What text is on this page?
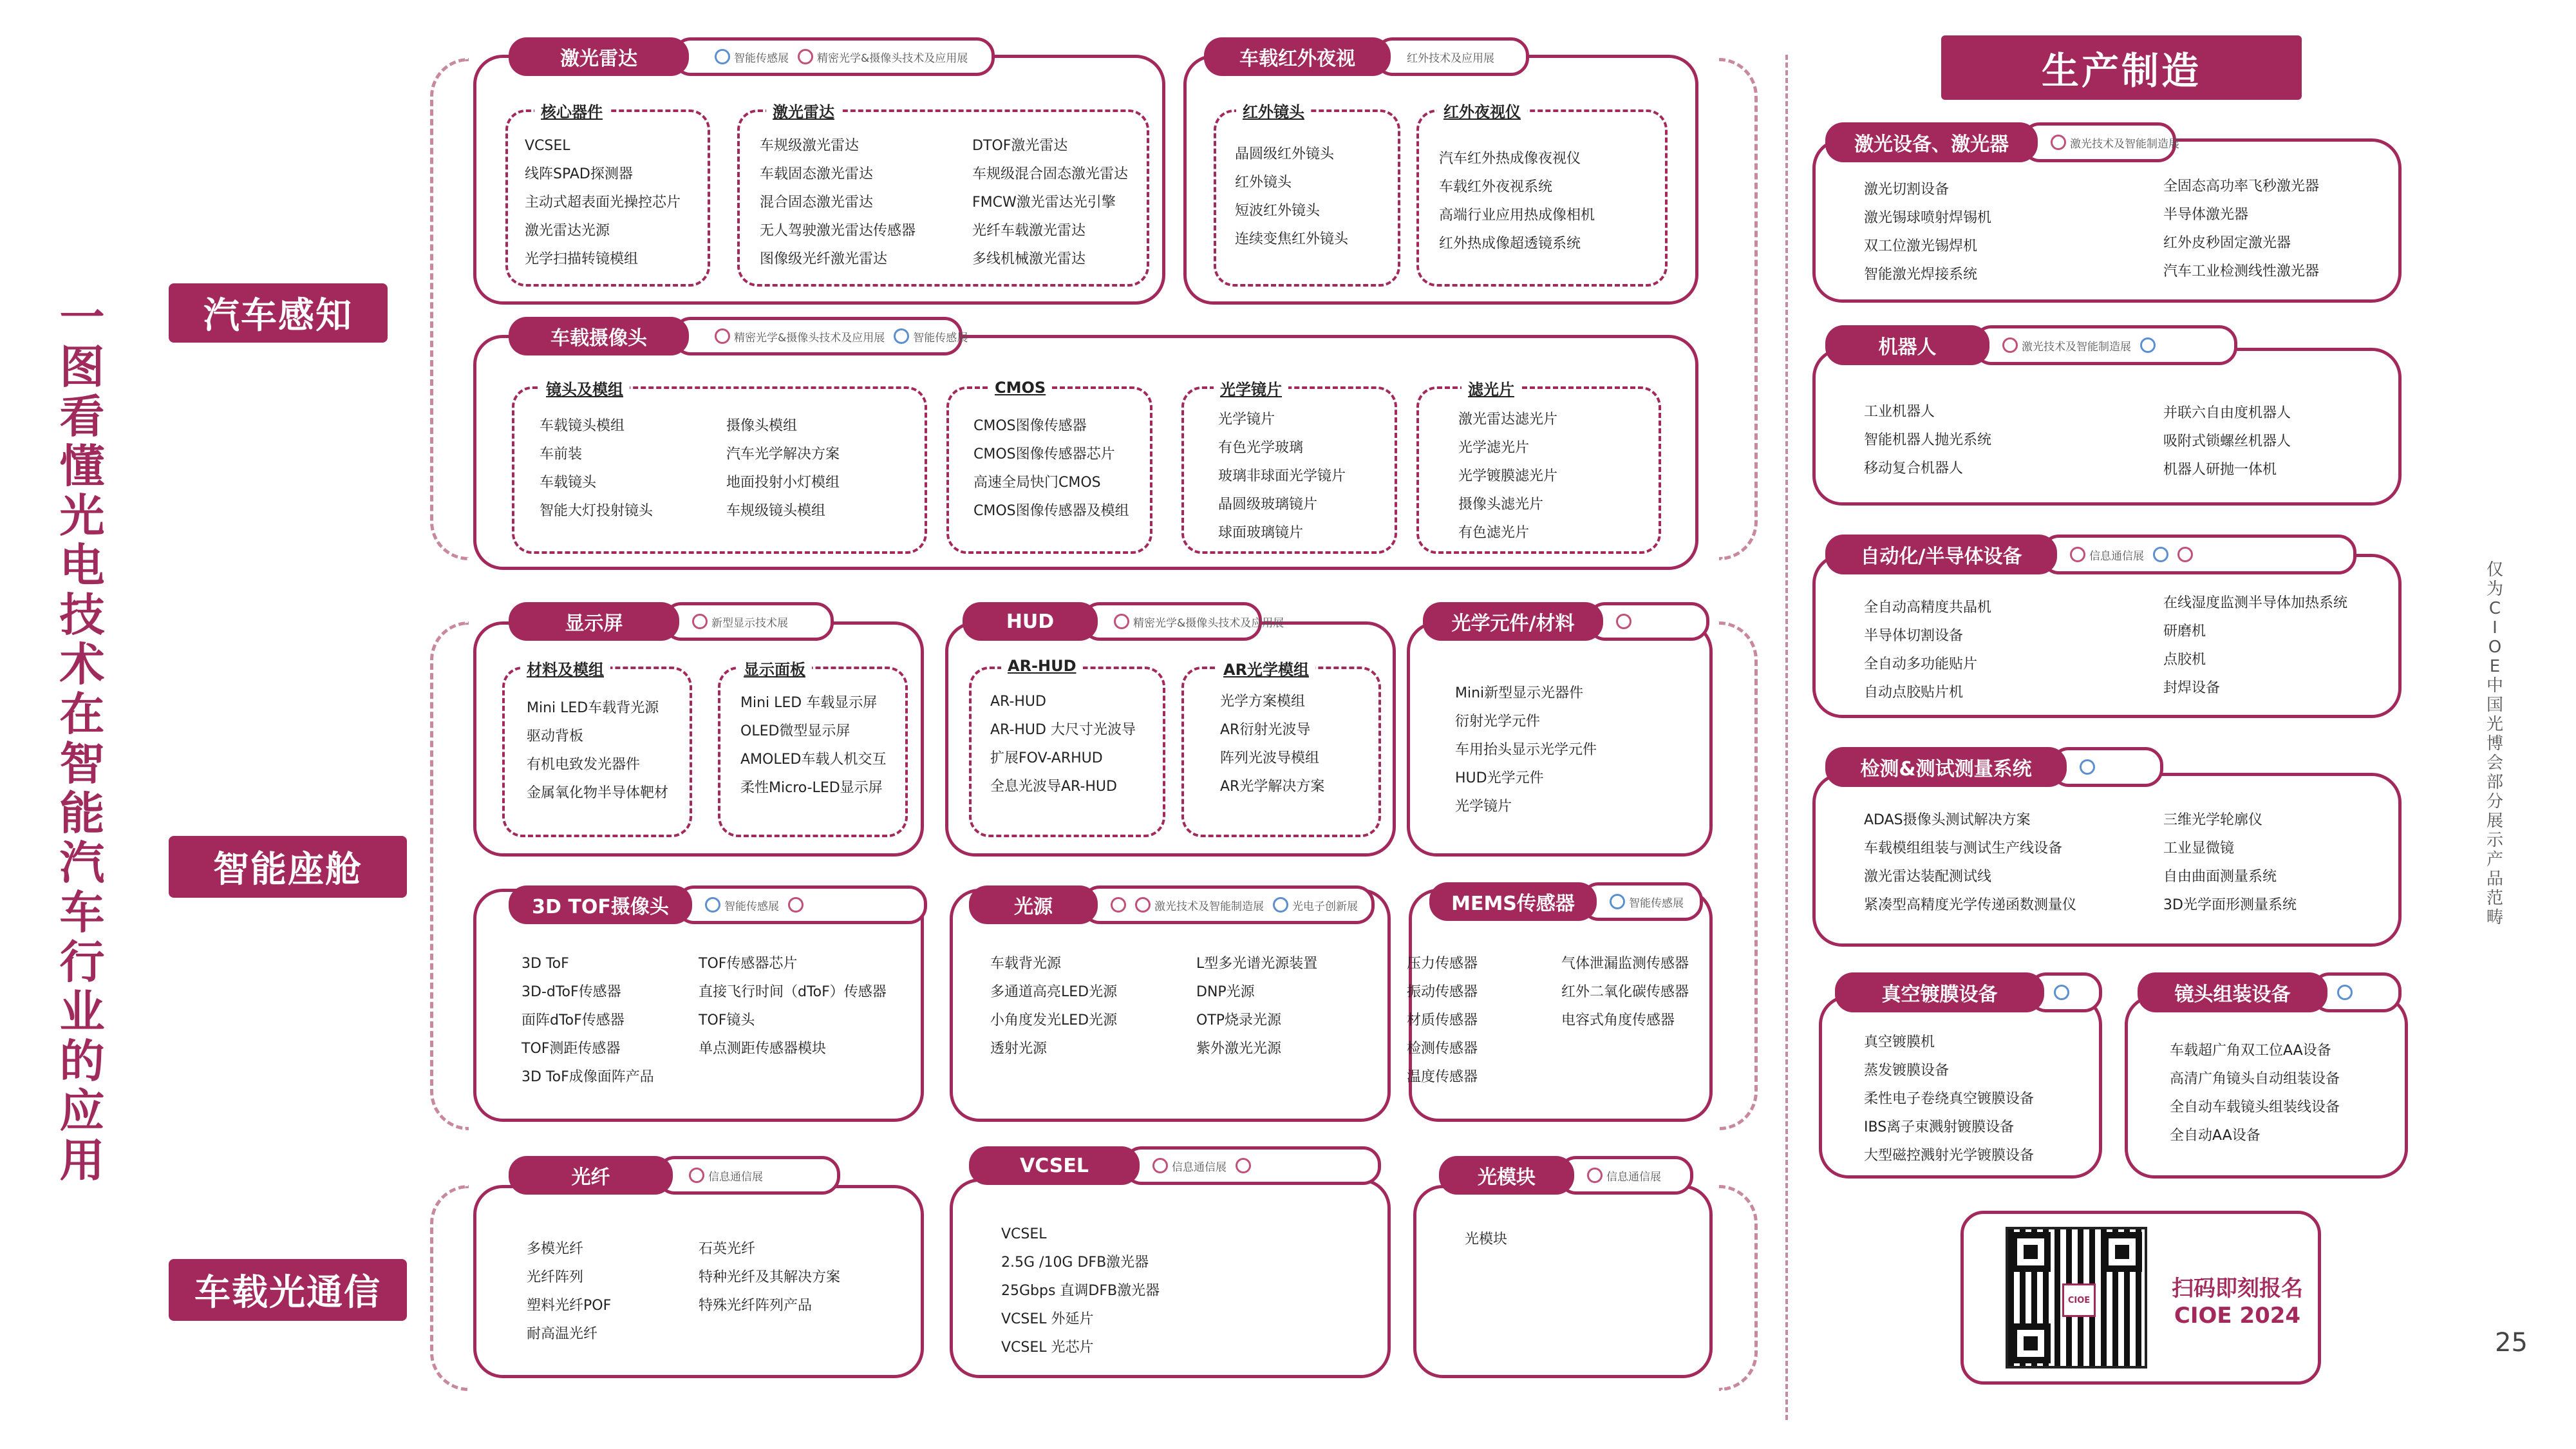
一
图
看
懂
光
电
技
术
在
智
能
汽
车
行
业
的
应
用
汽车感知
智能座舱
车载光通信
激光雷达	智能传感展	精密光学&摄像头技术及应用展
核心器件
VCSEL
线阵SPAD探测器
主动式超表面光操控芯片
激光雷达光源
光学扫描转镜模组
激光雷达
车规级激光雷达
车载固态激光雷达
混合固态激光雷达
无人驾驶激光雷达传感器
图像级光纤激光雷达
DTOF激光雷达
车规级混合固态激光雷达
FMCW激光雷达光引擎
光纤车载激光雷达
多线机械激光雷达
车载红外夜视	红外技术及应用展
红外镜头
晶圆级红外镜头
红外镜头
短波红外镜头
连续变焦红外镜头
红外夜视仪
汽车红外热成像夜视仪
车载红外夜视系统
高端行业应用热成像相机
红外热成像超透镜系统
车载摄像头	精密光学&摄像头技术及应用展	智能传感展
镜头及模组
车载镜头模组
车前装
车载镜头
智能大灯投射镜头
摄像头模组
汽车光学解决方案
地面投射小灯模组
车规级镜头模组
CMOS
CMOS图像传感器
CMOS图像传感器芯片
高速全局快门CMOS
CMOS图像传感器及模组
光学镜片
光学镜片
有色光学玻璃
玻璃非球面光学镜片
晶圆级玻璃镜片
球面玻璃镜片
滤光片
激光雷达滤光片
光学滤光片
光学镀膜滤光片
摄像头滤光片
有色滤光片
显示屏	新型显示技术展
材料及模组
Mini LED车载背光源
驱动背板
有机电致发光器件
金属氧化物半导体靶材
显示面板
Mini LED 车载显示屏
OLED微型显示屏
AMOLED车载人机交互
柔性Micro-LED显示屏
HUD	精密光学&摄像头技术及应用展
AR-HUD
AR-HUD
AR-HUD 大尺寸光波导
扩展FOV-ARHUD
全息光波导AR-HUD
AR光学模组
光学方案模组
AR衍射光波导
阵列光波导模组
AR光学解决方案
光学元件/材料
Mini新型显示光器件
衍射光学元件
车用抬头显示光学元件
HUD光学元件
光学镜片
3D TOF摄像头	智能传感展
3D ToF
3D-dToF传感器
面阵dToF传感器
TOF测距传感器
3D ToF成像面阵产品
TOF传感器芯片
直接飞行时间（dToF）传感器
TOF镜头
单点测距传感器模块
光源	激光技术及智能制造展	光电子创新展
车载背光源
多通道高亮LED光源
小角度发光LED光源
透射光源
L型多光谱光源装置
DNP光源
OTP烧录光源
紫外激光光源
MEMS传感器	智能传感展
压力传感器
振动传感器
材质传感器
检测传感器
温度传感器
气体泄漏监测传感器
红外二氧化碳传感器
电容式角度传感器
光纤	信息通信展
多模光纤
光纤阵列
塑料光纤POF
耐高温光纤
石英光纤
特种光纤及其解决方案
特殊光纤阵列产品
VCSEL	信息通信展
VCSEL
2.5G /10G DFB激光器
25Gbps 直调DFB激光器
VCSEL 外延片
VCSEL 光芯片
光模块	信息通信展
光模块
生产制造
激光设备、激光器	激光技术及智能制造展
激光切割设备
激光锡球喷射焊锡机
双工位激光锡焊机
智能激光焊接系统
全固态高功率飞秒激光器
半导体激光器
红外皮秒固定激光器
汽车工业检测线性激光器
机器人	激光技术及智能制造展
工业机器人
智能机器人抛光系统
移动复合机器人
并联六自由度机器人
吸附式锁螺丝机器人
机器人研抛一体机
自动化/半导体设备	信息通信展
全自动高精度共晶机
半导体切割设备
全自动多功能贴片
自动点胶贴片机
在线湿度监测半导体加热系统
研磨机
点胶机
封焊设备
检测&测试测量系统
ADAS摄像头测试解决方案
车载模组组装与测试生产线设备
激光雷达装配测试线
紧凑型高精度光学传递函数测量仪
三维光学轮廓仪
工业显微镜
自由曲面测量系统
3D光学面形测量系统
真空镀膜设备
真空镀膜机
蒸发镀膜设备
柔性电子卷绕真空镀膜设备
IBS离子束溅射镀膜设备
大型磁控溅射光学镀膜设备
镜头组装设备
车载超广角双工位AA设备
高清广角镜头自动组装设备
全自动车载镜头组装线设备
全自动AA设备
CIOE	扫码即刻报名
CIOE 2024
仅
为
C
I
O
E
中
国
光
博
会
部
分
展
示
产
品
范
畴
25
